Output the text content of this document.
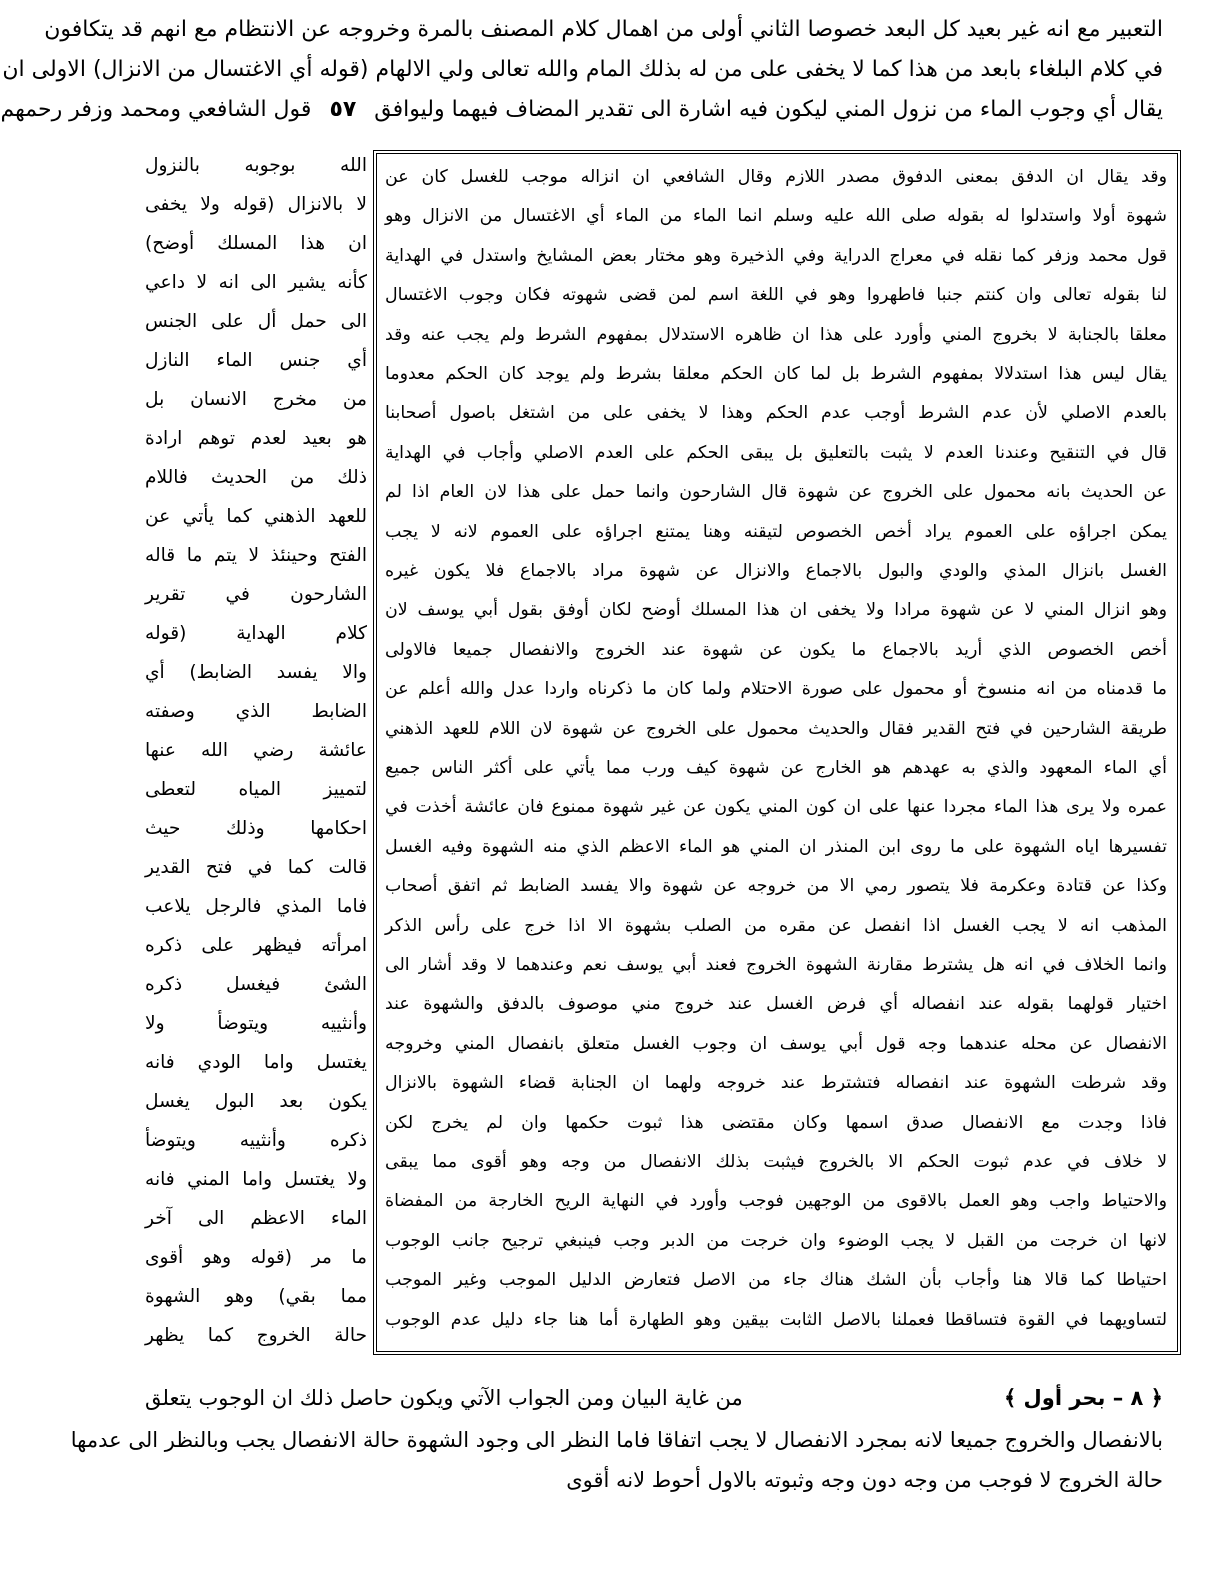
التعبير مع انه غير بعيد كل البعد خصوصا الثاني أولى من اهمال كلام المصنف بالمرة وخروجه عن الانتظام مع انهم قد يتكافون
في كلام البلغاء بابعد من هذا كما لا يخفى على من له بذلك المام والله تعالى ولي الالهام (قوله أي الاغتسال من الانزال) الاولى ان
يقال أي وجوب الماء من نزول المني ليكون فيه اشارة الى تقدير المضاف فيهما وليوافق
٥٧
قول الشافعي ومحمد وزفر رحمهم
وقد يقال ان الدفق بمعنى الدفوق مصدر اللازم وقال الشافعي ان انزاله موجب للغسل كان عن
شهوة أولا واستدلوا له بقوله صلى الله عليه وسلم انما الماء من الماء أي الاغتسال من الانزال وهو
قول محمد وزفر كما نقله في معراج الدراية وفي الذخيرة وهو مختار بعض المشايخ واستدل في الهداية
لنا بقوله تعالى وان كنتم جنبا فاطهروا وهو في اللغة اسم لمن قضى شهوته فكان وجوب الاغتسال
معلقا بالجنابة لا بخروج المني وأورد على هذا ان ظاهره الاستدلال بمفهوم الشرط ولم يجب عنه وقد
يقال ليس هذا استدلالا بمفهوم الشرط بل لما كان الحكم معلقا بشرط ولم يوجد كان الحكم معدوما
بالعدم الاصلي لأن عدم الشرط أوجب عدم الحكم وهذا لا يخفى على من اشتغل باصول أصحابنا
قال في التنقيح وعندنا العدم لا يثبت بالتعليق بل يبقى الحكم على العدم الاصلي وأجاب في الهداية
عن الحديث بانه محمول على الخروج عن شهوة قال الشارحون وانما حمل على هذا لان العام اذا لم
يمكن اجراؤه على العموم يراد أخص الخصوص لتيقنه وهنا يمتنع اجراؤه على العموم لانه لا يجب
الغسل بانزال المذي والودي والبول بالاجماع والانزال عن شهوة مراد بالاجماع فلا يكون غيره
وهو انزال المني لا عن شهوة مرادا ولا يخفى ان هذا المسلك أوضح لكان أوفق بقول أبي يوسف لان
أخص الخصوص الذي أريد بالاجماع ما يكون عن شهوة عند الخروج والانفصال جميعا فالاولى
ما قدمناه من انه منسوخ أو محمول على صورة الاحتلام ولما كان ما ذكرناه واردا عدل والله أعلم عن
طريقة الشارحين في فتح القدير فقال والحديث محمول على الخروج عن شهوة لان اللام للعهد الذهني
أي الماء المعهود والذي به عهدهم هو الخارج عن شهوة كيف ورب مما يأتي على أكثر الناس جميع
عمره ولا يرى هذا الماء مجردا عنها على ان كون المني يكون عن غير شهوة ممنوع فان عائشة أخذت في
تفسيرها اياه الشهوة على ما روى ابن المنذر ان المني هو الماء الاعظم الذي منه الشهوة وفيه الغسل
وكذا عن قتادة وعكرمة فلا يتصور رمي الا من خروجه عن شهوة والا يفسد الضابط ثم اتفق أصحاب
المذهب انه لا يجب الغسل اذا انفصل عن مقره من الصلب بشهوة الا اذا خرج على رأس الذكر
وانما الخلاف في انه هل يشترط مقارنة الشهوة الخروج فعند أبي يوسف نعم وعندهما لا وقد أشار الى
اختيار قولهما بقوله عند انفصاله أي فرض الغسل عند خروج مني موصوف بالدفق والشهوة عند
الانفصال عن محله عندهما وجه قول أبي يوسف ان وجوب الغسل متعلق بانفصال المني وخروجه
وقد شرطت الشهوة عند انفصاله فتشترط عند خروجه ولهما ان الجنابة قضاء الشهوة بالانزال
فاذا وجدت مع الانفصال صدق اسمها وكان مقتضى هذا ثبوت حكمها وان لم يخرج لكن
لا خلاف في عدم ثبوت الحكم الا بالخروج فيثبت بذلك الانفصال من وجه وهو أقوى مما يبقى
والاحتياط واجب وهو العمل بالاقوى من الوجهين فوجب وأورد في النهاية الريح الخارجة من المفضاة
لانها ان خرجت من القبل لا يجب الوضوء وان خرجت من الدبر وجب فينبغي ترجيح جانب الوجوب
احتياطا كما قالا هنا وأجاب بأن الشك هناك جاء من الاصل فتعارض الدليل الموجب وغير الموجب
لتساويهما في القوة فتساقطا فعملنا بالاصل الثابت بيقين وهو الطهارة أما هنا جاء دليل عدم الوجوب
الله بوجوبه بالنزول
لا بالانزال (قوله ولا يخفى
ان هذا المسلك أوضح)
كأنه يشير الى انه لا داعي
الى حمل أل على الجنس
أي جنس الماء النازل
من مخرج الانسان بل
هو بعيد لعدم توهم ارادة
ذلك من الحديث فاللام
للعهد الذهني كما يأتي عن
الفتح وحينئذ لا يتم ما قاله
الشارحون في تقرير
كلام الهداية (قوله
والا يفسد الضابط) أي
الضابط الذي وصفته
عائشة رضي الله عنها
لتمييز المياه لتعطى
احكامها وذلك حيث
قالت كما في فتح القدير
فاما المذي فالرجل يلاعب
امرأته فيظهر على ذكره
الشئ فيغسل ذكره
وأنثييه ويتوضأ ولا
يغتسل واما الودي فانه
يكون بعد البول يغسل
ذكره وأنثييه ويتوضأ
ولا يغتسل واما المني فانه
الماء الاعظم الى آخر
ما مر (قوله وهو أقوى
مما بقي) وهو الشهوة
حالة الخروج كما يظهر
﴿ ٨ – بحر أول ﴾
من غاية البيان ومن الجواب الآتي ويكون حاصل ذلك ان الوجوب يتعلق
بالانفصال والخروج جميعا لانه بمجرد الانفصال لا يجب اتفاقا فاما النظر الى وجود الشهوة حالة الانفصال يجب وبالنظر الى عدمها
حالة الخروج لا فوجب من وجه دون وجه وثبوته بالاول أحوط لانه أقوى
